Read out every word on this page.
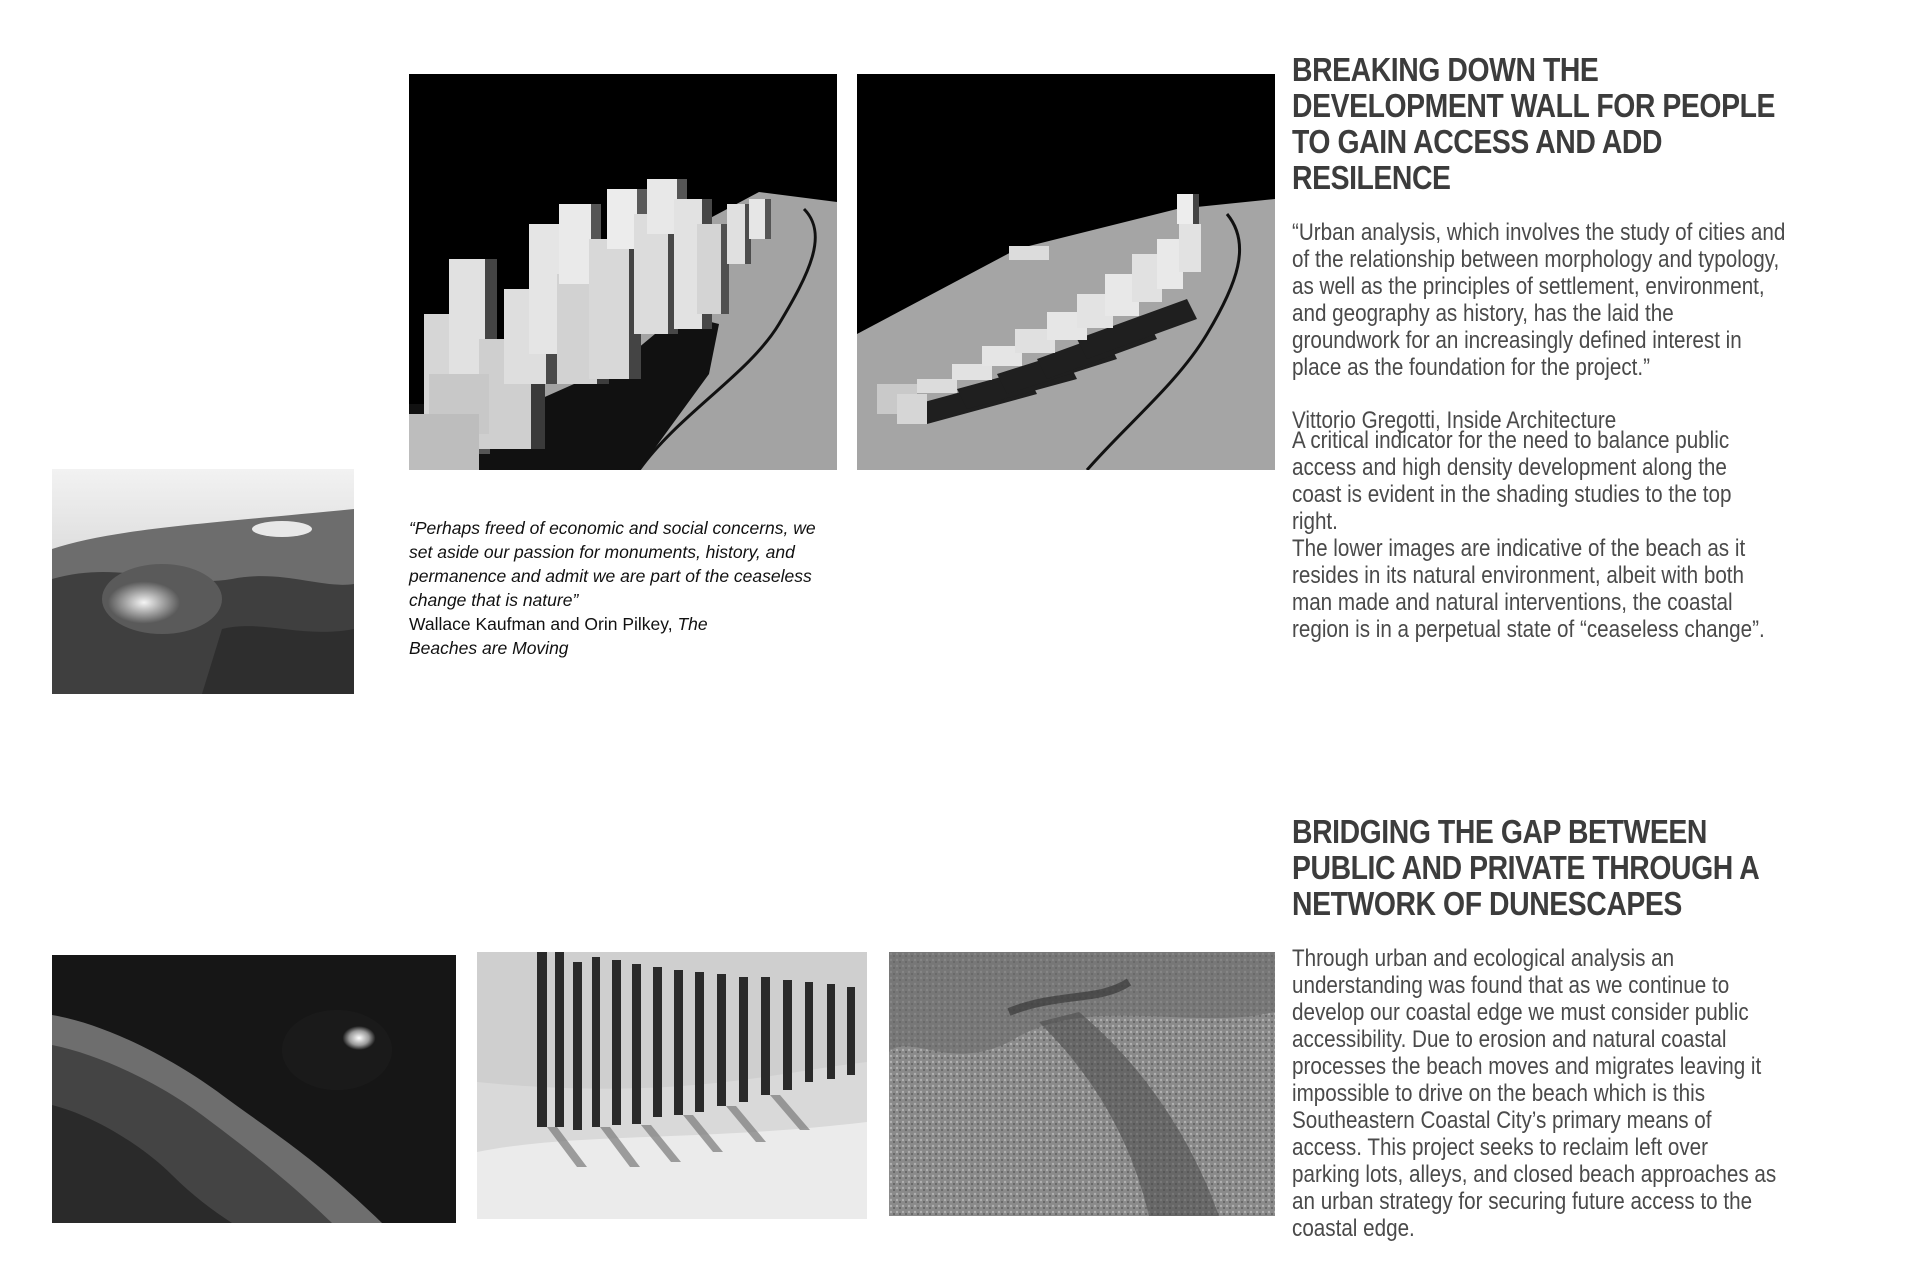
“Perhaps freed of economic and social concerns, we set aside our passion for monuments, history, and permanence and admit we are part of the ceaseless change that is nature”

Wallace Kaufman and Orin Pilkey, The Beaches are Moving

BREAKING DOWN THE DEVELOPMENT WALL FOR PEOPLE TO GAIN ACCESS AND ADD RESILENCE

“Urban analysis, which involves the study of cities and of the relationship between morphology and typology, as well as the principles of settlement, environment, and geography as history, has the laid the groundwork for an increasingly defined interest in place as the foundation for the project.”

Vittorio Gregotti, Inside Architecture

A critical indicator for the need to balance public access and high density development along the coast is evident in the shading studies to the top right.

The lower images are indicative of the beach as it resides in its natural environment, albeit with both man made and natural interventions, the coastal region is in a perpetual state of “ceaseless change”.

BRIDGING THE GAP BETWEEN PUBLIC AND PRIVATE THROUGH A NETWORK OF DUNESCAPES

Through urban and ecological analysis an understanding was found that as we continue to develop our coastal edge we must consider public accessibility. Due to erosion and natural coastal processes the beach moves and migrates leaving it impossible to drive on the beach which is this Southeastern Coastal City’s primary means of access. This project seeks to reclaim left over parking lots, alleys, and closed beach approaches as an urban strategy for securing future access to the coastal edge.
